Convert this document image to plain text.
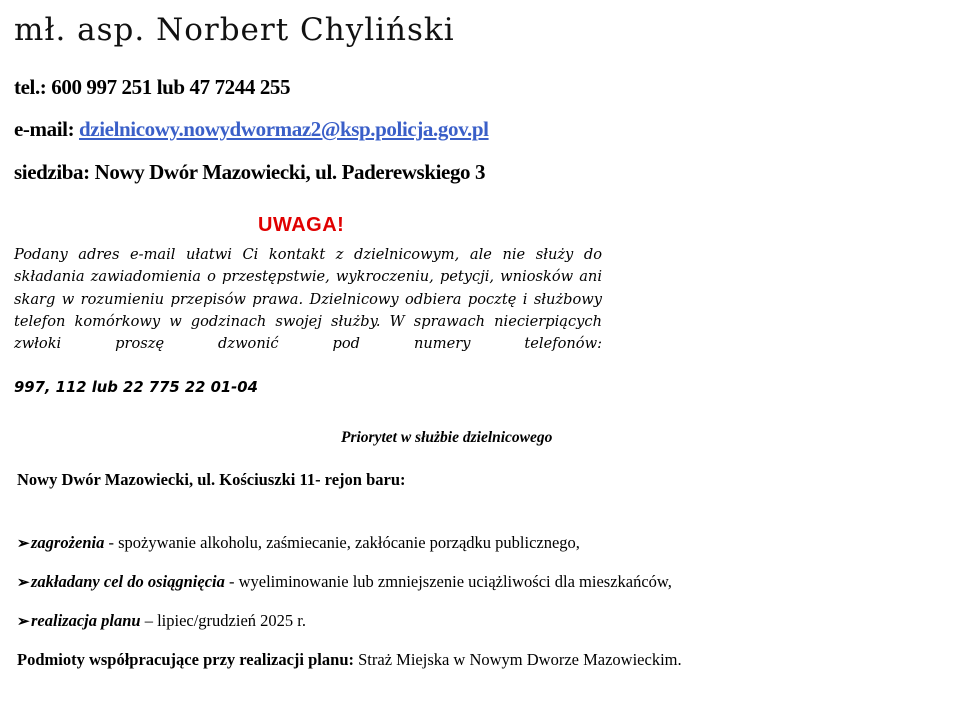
mł. asp. Norbert Chyliński
tel.: 600 997 251 lub 47 7244 255
e-mail: dzielnicowy.nowydwormaz2@ksp.policja.gov.pl
siedziba: Nowy Dwór Mazowiecki, ul. Paderewskiego 3
UWAGA!
Podany adres e-mail ułatwi Ci kontakt z dzielnicowym, ale nie służy do składania zawiadomienia o przestępstwie, wykroczeniu, petycji, wniosków ani skarg w rozumieniu przepisów prawa. Dzielnicowy odbiera pocztę i służbowy telefon komórkowy w godzinach swojej służby. W sprawach niecierpiących zwłoki proszę dzwonić pod numery telefonów:
997, 112 lub 22 775 22 01-04
Priorytet w służbie dzielnicowego
Nowy Dwór Mazowiecki, ul. Kościuszki 11- rejon baru:
➢zagrożenia - spożywanie alkoholu, zaśmiecanie, zakłócanie porządku publicznego,
➢zakładany cel do osiągnięcia - wyeliminowanie lub zmniejszenie uciążliwości dla mieszkańców,
➢realizacja planu – lipiec/grudzień 2025 r.
Podmioty współpracujące przy realizacji planu: Straż Miejska w Nowym Dworze Mazowieckim.
